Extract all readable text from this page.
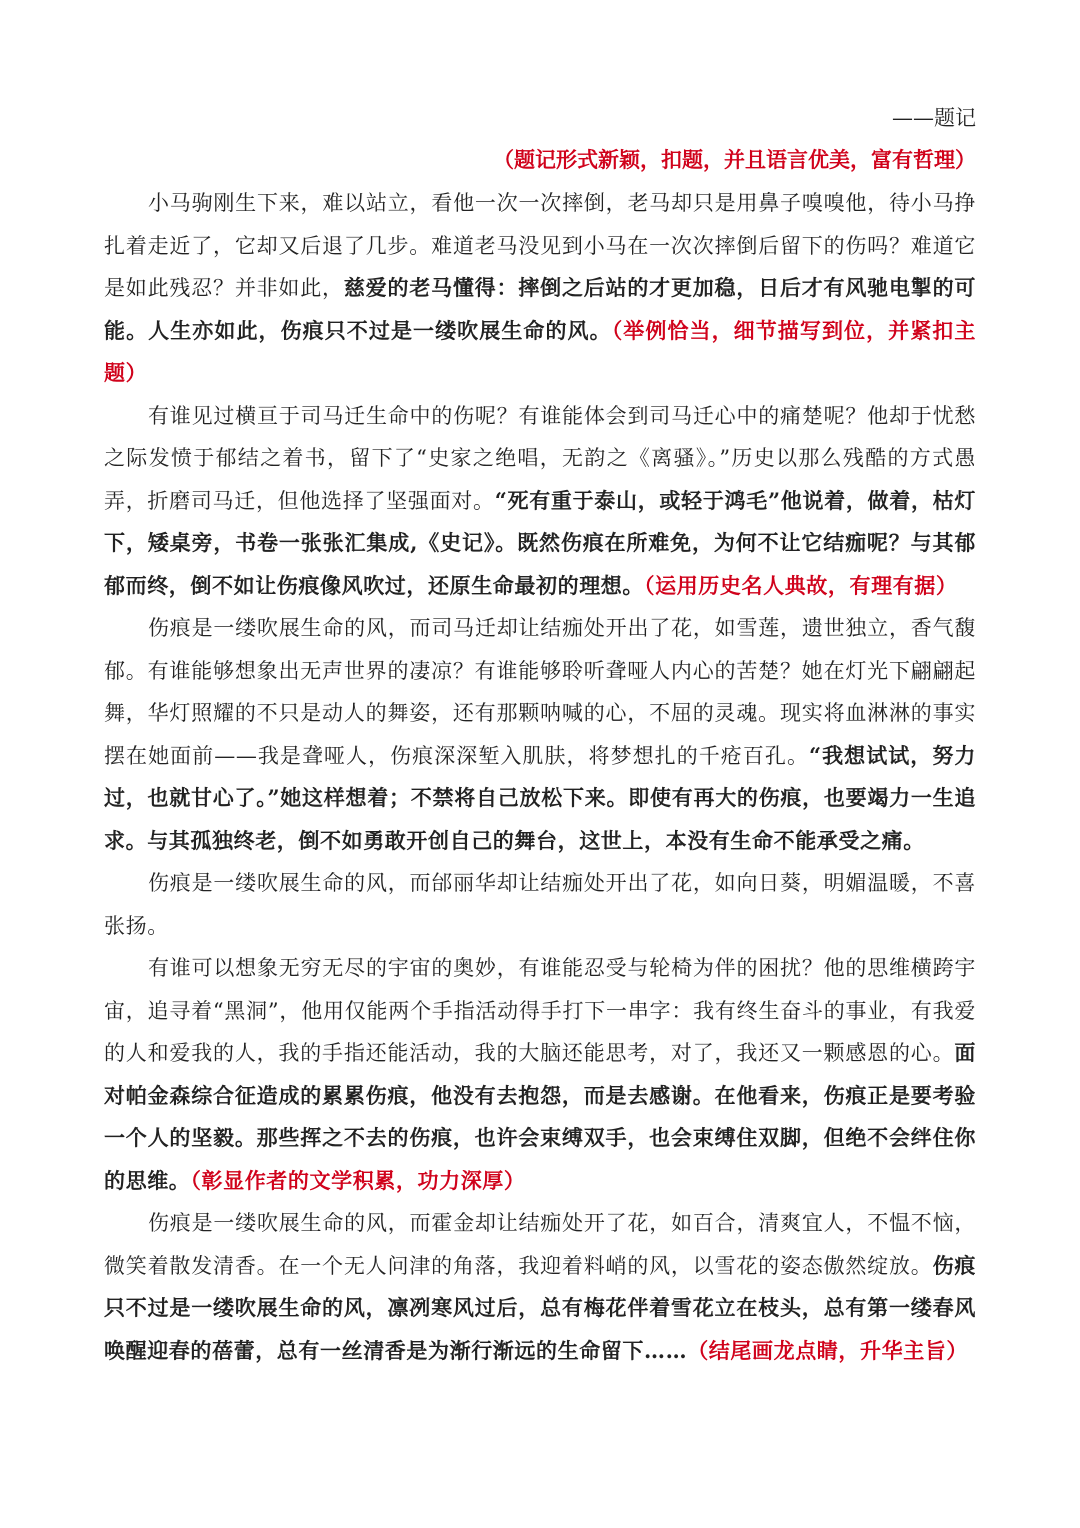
——题记
（题记形式新颖，扣题，并且语言优美，富有哲理）

小马驹刚生下来，难以站立，看他一次一次摔倒，老马却只是用鼻子嗅嗅他，待小马挣扎着走近了，它却又后退了几步。难道老马没见到小马在一次次摔倒后留下的伤吗？难道它是如此残忍？并非如此，慈爱的老马懂得：摔倒之后站的才更加稳，日后才有风驰电掣的可能。人生亦如此，伤痕只不过是一缕吹展生命的风。（举例恰当，细节描写到位，并紧扣主题）

有谁见过横亘于司马迁生命中的伤呢？有谁能体会到司马迁心中的痛楚呢？他却于忧愁之际发愤于郁结之着书，留下了“史家之绝唱，无韵之《离骚》。”历史以那么残酷的方式愚弄，折磨司马迁，但他选择了坚强面对。“死有重于泰山，或轻于鸿毛”他说着，做着，枯灯下，矮桌旁，书卷一张张汇集成,《史记》。既然伤痕在所难免，为何不让它结痂呢？与其郁郁而终，倒不如让伤痕像风吹过，还原生命最初的理想。（运用历史名人典故，有理有据）

伤痕是一缕吹展生命的风，而司马迁却让结痂处开出了花，如雪莲，遗世独立，香气馥郁。有谁能够想象出无声世界的凄凉？有谁能够聆听聋哑人内心的苦楚？她在灯光下翩翩起舞，华灯照耀的不只是动人的舞姿，还有那颗呐喊的心，不屈的灵魂。现实将血淋淋的事实摆在她面前——我是聋哑人，伤痕深深堑入肌肤，将梦想扎的千疮百孔。“我想试试，努力过，也就甘心了。”她这样想着；不禁将自己放松下来。即使有再大的伤痕，也要竭力一生追求。与其孤独终老，倒不如勇敢开创自己的舞台，这世上，本没有生命不能承受之痛。

伤痕是一缕吹展生命的风，而邰丽华却让结痂处开出了花，如向日葵，明媚温暖，不喜张扬。

有谁可以想象无穷无尽的宇宙的奥妙，有谁能忍受与轮椅为伴的困扰？他的思维横跨宇宙，追寻着“黑洞”，他用仅能两个手指活动得手打下一串字：我有终生奋斗的事业，有我爱的人和爱我的人，我的手指还能活动，我的大脑还能思考，对了，我还又一颗感恩的心。面对帕金森综合征造成的累累伤痕，他没有去抱怨，而是去感谢。在他看来，伤痕正是要考验一个人的坚毅。那些挥之不去的伤痕，也许会束缚双手，也会束缚住双脚，但绝不会绊住你的思维。（彰显作者的文学积累，功力深厚）

伤痕是一缕吹展生命的风，而霍金却让结痂处开了花，如百合，清爽宜人，不愠不恼，微笑着散发清香。在一个无人问津的角落，我迎着料峭的风，以雪花的姿态傲然绽放。伤痕只不过是一缕吹展生命的风，凛冽寒风过后，总有梅花伴着雪花立在枝头，总有第一缕春风唤醒迎春的蓓蕾，总有一丝清香是为渐行渐远的生命留下……（结尾画龙点睛，升华主旨）
